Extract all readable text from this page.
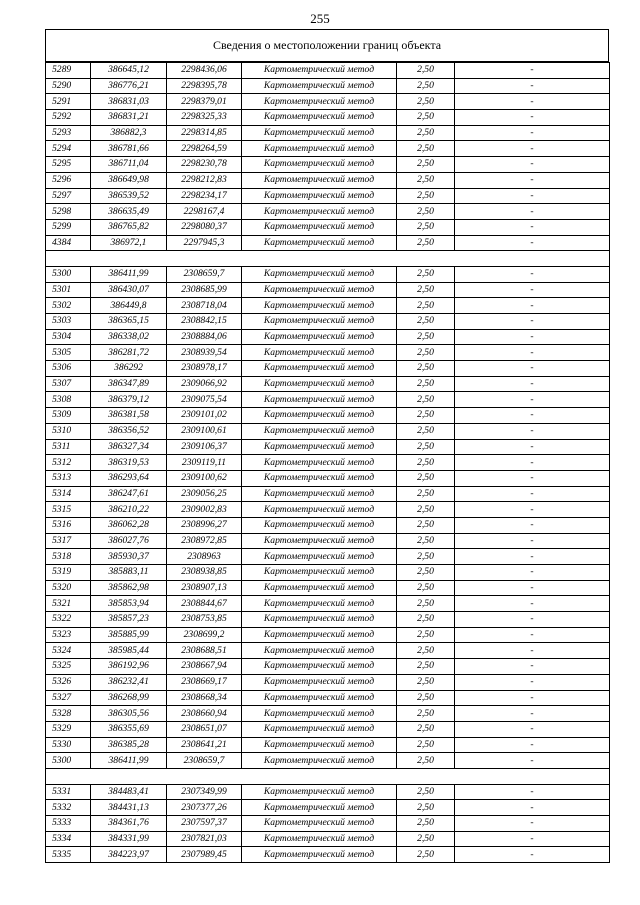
255
Сведения о местоположении границ объекта
5289	386645,12	2298436,06	Картометрический метод	2,50	-
5290	386776,21	2298395,78	Картометрический метод	2,50	-
5291	386831,03	2298379,01	Картометрический метод	2,50	-
5292	386831,21	2298325,33	Картометрический метод	2,50	-
5293	386882,3	2298314,85	Картометрический метод	2,50	-
5294	386781,66	2298264,59	Картометрический метод	2,50	-
5295	386711,04	2298230,78	Картометрический метод	2,50	-
5296	386649,98	2298212,83	Картометрический метод	2,50	-
5297	386539,52	2298234,17	Картометрический метод	2,50	-
5298	386635,49	2298167,4	Картометрический метод	2,50	-
5299	386765,82	2298080,37	Картометрический метод	2,50	-
4384	386972,1	2297945,3	Картометрический метод	2,50	-

5300	386411,99	2308659,7	Картометрический метод	2,50	-
5301	386430,07	2308685,99	Картометрический метод	2,50	-
5302	386449,8	2308718,04	Картометрический метод	2,50	-
5303	386365,15	2308842,15	Картометрический метод	2,50	-
5304	386338,02	2308884,06	Картометрический метод	2,50	-
5305	386281,72	2308939,54	Картометрический метод	2,50	-
5306	386292	2308978,17	Картометрический метод	2,50	-
5307	386347,89	2309066,92	Картометрический метод	2,50	-
5308	386379,12	2309075,54	Картометрический метод	2,50	-
5309	386381,58	2309101,02	Картометрический метод	2,50	-
5310	386356,52	2309100,61	Картометрический метод	2,50	-
5311	386327,34	2309106,37	Картометрический метод	2,50	-
5312	386319,53	2309119,11	Картометрический метод	2,50	-
5313	386293,64	2309100,62	Картометрический метод	2,50	-
5314	386247,61	2309056,25	Картометрический метод	2,50	-
5315	386210,22	2309002,83	Картометрический метод	2,50	-
5316	386062,28	2308996,27	Картометрический метод	2,50	-
5317	386027,76	2308972,85	Картометрический метод	2,50	-
5318	385930,37	2308963	Картометрический метод	2,50	-
5319	385883,11	2308938,85	Картометрический метод	2,50	-
5320	385862,98	2308907,13	Картометрический метод	2,50	-
5321	385853,94	2308844,67	Картометрический метод	2,50	-
5322	385857,23	2308753,85	Картометрический метод	2,50	-
5323	385885,99	2308699,2	Картометрический метод	2,50	-
5324	385985,44	2308688,51	Картометрический метод	2,50	-
5325	386192,96	2308667,94	Картометрический метод	2,50	-
5326	386232,41	2308669,17	Картометрический метод	2,50	-
5327	386268,99	2308668,34	Картометрический метод	2,50	-
5328	386305,56	2308660,94	Картометрический метод	2,50	-
5329	386355,69	2308651,07	Картометрический метод	2,50	-
5330	386385,28	2308641,21	Картометрический метод	2,50	-
5300	386411,99	2308659,7	Картометрический метод	2,50	-

5331	384483,41	2307349,99	Картометрический метод	2,50	-
5332	384431,13	2307377,26	Картометрический метод	2,50	-
5333	384361,76	2307597,37	Картометрический метод	2,50	-
5334	384331,99	2307821,03	Картометрический метод	2,50	-
5335	384223,97	2307989,45	Картометрический метод	2,50	-
